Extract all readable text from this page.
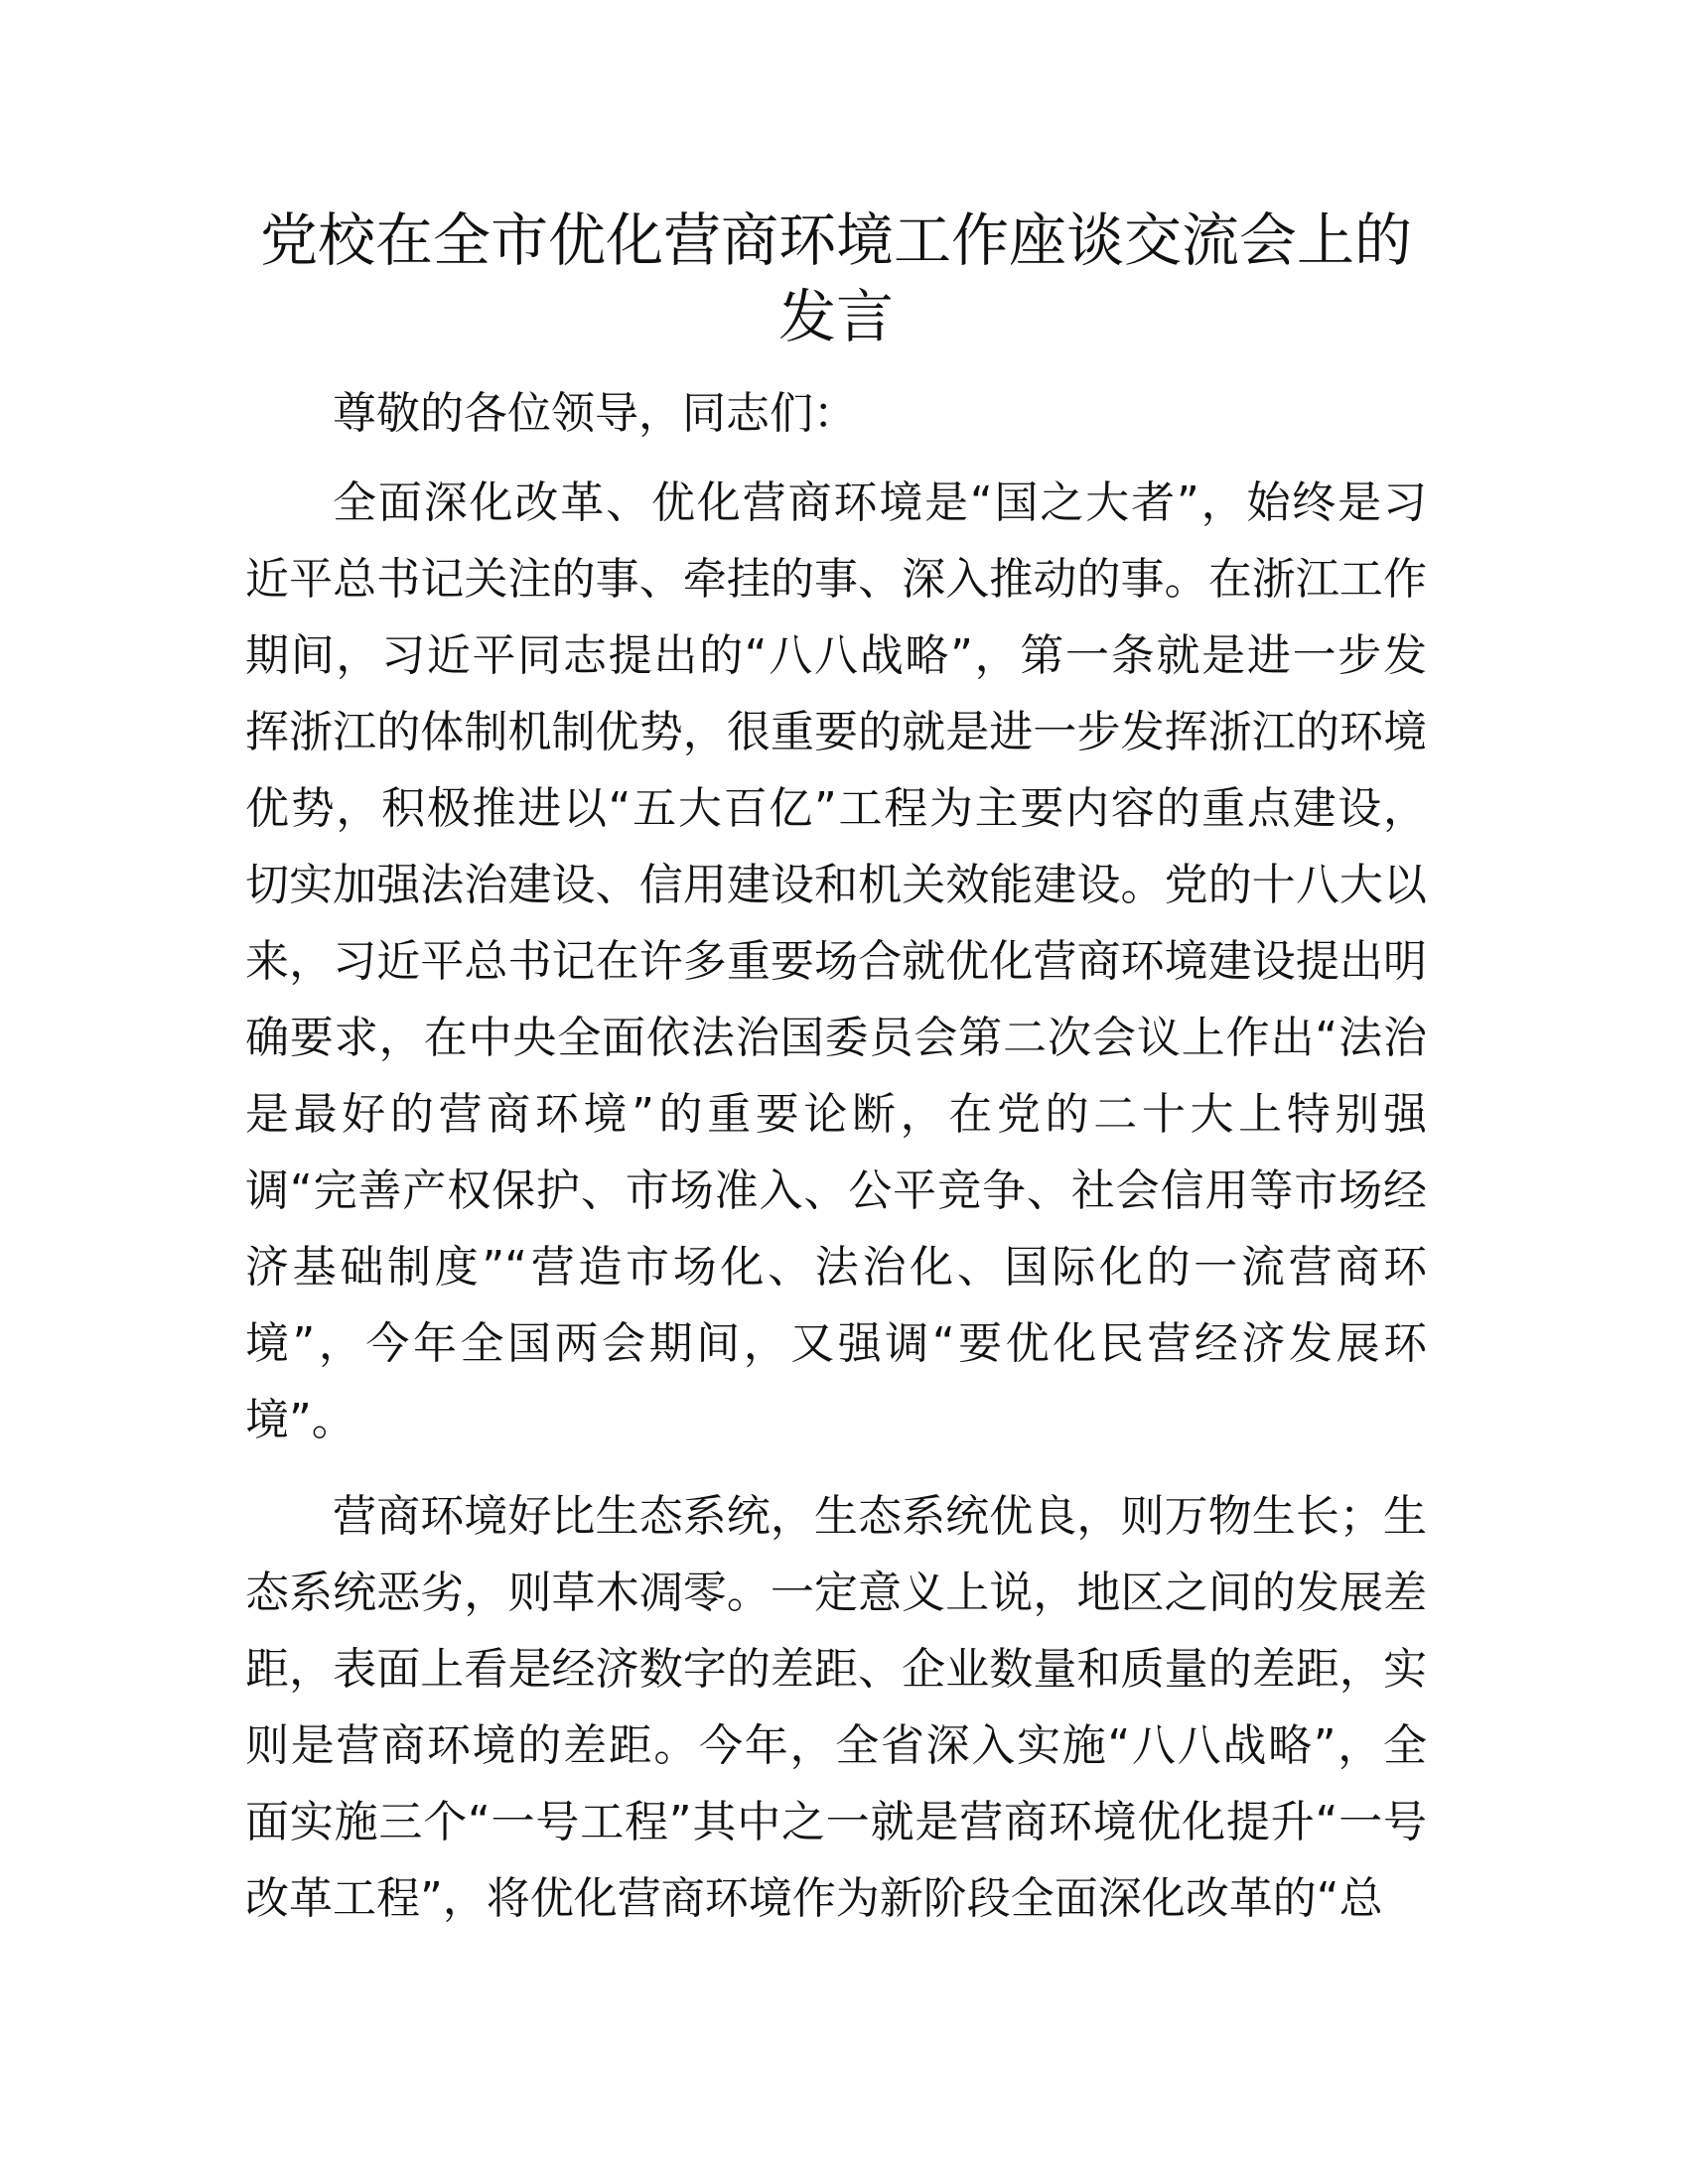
党校在全市优化营商环境工作座谈交流会上的
发言
尊敬的各位领导，同志们：
全面深化改革、优化营商环境是“国之大者”，始终是习
近平总书记关注的事、牵挂的事、深入推动的事。在浙江工作
期间，习近平同志提出的“八八战略”，第一条就是进一步发
挥浙江的体制机制优势，很重要的就是进一步发挥浙江的环境
优势，积极推进以“五大百亿”工程为主要内容的重点建设，
切实加强法治建设、信用建设和机关效能建设。党的十八大以
来，习近平总书记在许多重要场合就优化营商环境建设提出明
确要求，在中央全面依法治国委员会第二次会议上作出“法治
是最好的营商环境”的重要论断，在党的二十大上特别强
调“完善产权保护、市场准入、公平竞争、社会信用等市场经
济基础制度”“营造市场化、法治化、国际化的一流营商环
境”，今年全国两会期间，又强调“要优化民营经济发展环
境”。
营商环境好比生态系统，生态系统优良，则万物生长；生
态系统恶劣，则草木凋零。一定意义上说，地区之间的发展差
距，表面上看是经济数字的差距、企业数量和质量的差距，实
则是营商环境的差距。今年，全省深入实施“八八战略”，全
面实施三个“一号工程”其中之一就是营商环境优化提升“一号
改革工程”，将优化营商环境作为新阶段全面深化改革的“总
